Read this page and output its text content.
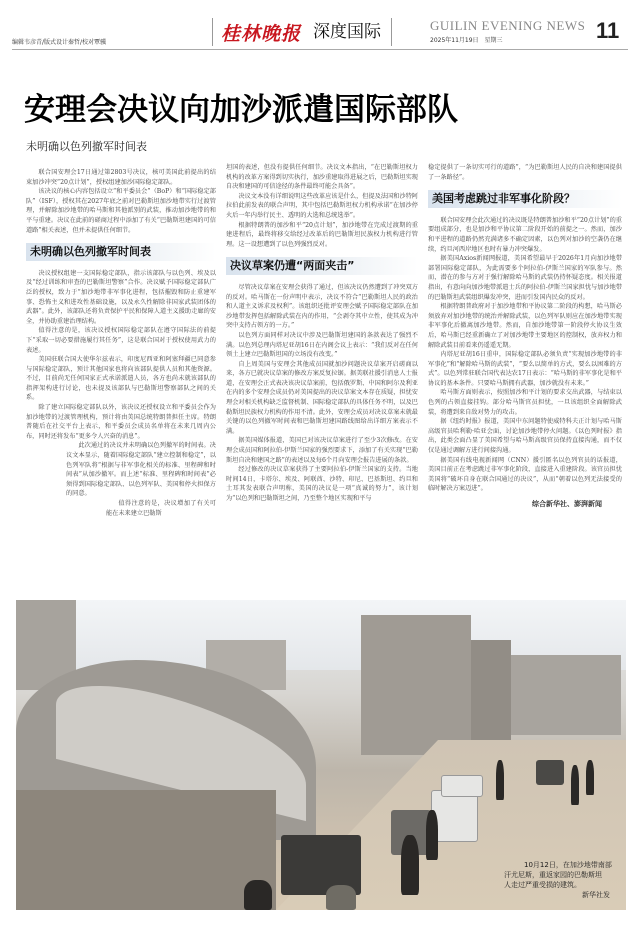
编辑韦彦青/版式设计秦哲/校对覃骥	桂林晚报 深度国际	GUILIN EVENING NEWS
2025年11月19日　星期三	11
安理会决议向加沙派遣国际部队
未明确以色列撤军时间表

联合国安理会17日通过第2803号决议，核可美国此前提出的结束加沙冲突“20点计划”，授权组建加沙国际稳定部队。

该决议的核心内容包括设立“和平委员会”（BoP）和“国际稳定部队”（ISF），授权其在2027年底之前对巴勒斯坦加沙地带实行过渡管理，并解除加沙地带的哈马斯和其他派别的武装，推动加沙地带的和平与重建。决议在此前的磋商过程中添加了有关“巴勒斯坦建国的可信道路”相关表述，但并未提供任何细节。

未明确以色列撤军时间表

决议授权组建一支国际稳定部队，指示该部队与以色列、埃及以及“经过训练和审查的巴勒斯坦警察”合作。决议赋予国际稳定部队广泛的授权，致力于“加沙地带非军事化进程，包括摧毁和防止重建军事、恐怖主义和进攻性基础设施，以及永久性解除非国家武装团体的武器”。此外，该部队还将负责保护平民和保障人道主义援助走廊的安全，并协助重建治理结构。

值得注意的是，该决议授权国际稳定部队在遵守国际法的前提下“采取一切必要措施履行其任务”，这是联合国对于授权使用武力的表述。

美国驻联合国大使华尔兹表示，印度尼西亚和阿塞拜疆已同意参与国际稳定部队，预计其他国家也将向该部队提供人员和其他资源。不过，目前尚无任何国家正式承诺派遣人员，各方也尚未就该部队的指挥架构进行讨论，也未提及该部队与巴勒斯坦警察部队之间的关系。

除了建立国际稳定部队以外，该决议还授权设立和平委员会作为加沙地带的过渡管理机构，预计将由美国总统特朗普担任主席。特朗普随后在社交平台上表示，和平委员会成员名单将在未来几周内公布，同时还将发布“更多令人兴奋的消息”。

此次通过的决议并未明确以色列撤军的时间表。决议文本显示，随着国际稳定部队“建立控制和稳定”，以色列军队将“根据与非军事化相关的标准、里程碑和时间表”从加沙撤军。而上述“标准、里程碑和时间表”必须得到国际稳定部队、以色列军队、美国和停火担保方的同意。

值得注意的是，决议增加了有关可能在未来建立巴勒斯

坦国的表述，但没有提供任何细节。决议文本指出，“在巴勒斯坦权力机构的改革方案得到切实执行，加沙重建取得进展之后，巴勒斯坦实现自决和建国的可信途径的条件最终可能会具备”。

决议文本没有详细说明这些改革应该是什么，但提及法国和沙特阿拉伯此前发表的联合声明，其中包括巴勒斯坦权力机构承诺“在加沙停火后一年内举行民主、透明的大选和总统选举”。

根据特朗普的加沙和平“20点计划”，加沙地带在完成过渡期的重建进程后，最终将移交给经过改革后的巴勒斯坦民族权力机构进行管理。这一设想遭到了以色列强烈反对。

决议草案仍遭“两面夹击”

尽管决议草案在安理会获得了通过，但该决议仍然遭到了冲突双方的反对。哈马斯在一份声明中表示，决议不符合“巴勒斯坦人民的政治和人道主义诉求及权利”。该组织还批评安理会赋予国际稳定部队在加沙地带发挥包括解除武装在内的作用，“会剥夺其中立性，使其成为冲突中支持占领方的一方。”

以色列方面同样对决议中涉及巴勒斯坦建国的条款表达了强烈不满。以色列总理内塔尼亚胡16日在内阁会议上表示：“我们反对在任何领土上建立巴勒斯坦国的立场没有改变。”

自上周美国与安理会其他成员国就加沙问题决议草案开启磋商以来，各方已就决议草案的修改方案反复拉锯。据美联社援引消息人士报道，在安理会正式表决该决议草案前，包括俄罗斯、中国和阿尔及利亚在内的多个安理会成员仍对美国提出的决议草案文本存在质疑，担忧安理会对相关机构缺乏监督机制、国际稳定部队的具体任务不明，以及巴勒斯坦民族权力机构的作用不清。此外，安理会成员对决议草案未就最关键的以色列撤军时间表和巴勒斯坦建国路线图给出详细方案表示不满。

据美国媒体报道，美国已对该决议草案进行了至少3次修改。在安理会成员国和阿拉伯-伊斯兰国家的强烈要求下，添加了有关实现“巴勒斯坦自决和建国之路”的表述以及每6个月向安理会报告进展的条款。

经过修改的决议草案获得了主要阿拉伯-伊斯兰国家的支持。当地时间14日，卡塔尔、埃及、阿联酋、沙特、印尼、巴基斯坦、约旦和土耳其发表联合声明称，美国的决议是一项“真诚的努力”，该计划为“以色列和巴勒斯坦之间，乃至整个地区实现和平与

稳定提供了一条切实可行的道路”，“为巴勒斯坦人民的自决和建国提供了一条路径”。

美国考虑跳过非军事化阶段？

联合国安理会此次通过的决议既是特朗普加沙和平“20点计划”的重要组成部分，也是加沙和平协议第二阶段开始的前提之一。然而，加沙和平进程的道路仍然充满诸多不确定因素，以色列对加沙的空袭仍在继续，约旦河西岸地区也时有暴力冲突爆发。

据美国Axios新闻网报道，美国希望最早于2026年1月向加沙地带部署国际稳定部队，为此需要多个阿拉伯-伊斯兰国家的军队参与。然而，潜在的参与方对于强行解除哈马斯的武装仍持怀疑态度。相关报道指出，有意向向加沙地带派遣士兵的阿拉伯-伊斯兰国家担忧与加沙地带的巴勒斯坦武装组织爆发冲突，进而引发国内民众的反对。

根据特朗普政府对于加沙地带和平协议第二阶段的构想，哈马斯必须放弃对加沙地带的统治并解除武装，以色列军队则应在加沙地带实现非军事化后撤离加沙地带。然而，自加沙地带第一阶段停火协议生效后，哈马斯已经重新确立了对加沙地带主要地区的控制权，放弃权力和解除武装目前看来仍遥遥无期。

内塔尼亚胡16日重申，国际稳定部队必须负责“实现加沙地带的非军事化”和“解除哈马斯的武装”，“要么以简单的方式，要么以困难的方式”。以色列常驻联合国代表达农17日表示：“哈马斯的非军事化是和平协议的基本条件。只要哈马斯拥有武器，加沙就没有未来。”

哈马斯方面则表示，按照加沙和平计划的要求交出武器，与结束以色列的占领直接挂钩。部分哈马斯官员担忧，一旦该组织全面解除武装，将遭到来自敌对势力的攻击。

据《纽约时报》报道，美国中东问题特使威特科夫正计划与哈马斯高级官员哈利勒·哈亚会面，讨论加沙地带停火问题。《以色列时报》指出，此类会面凸显了美国希望与哈马斯高级官员保持直接沟通，而不仅仅是通过调解方进行间接沟通。

据美国有线电视新闻网（CNN）援引匿名以色列官员的话报道，美国目前正在考虑跳过非军事化阶段，直接进入重建阶段。该官员担忧美国将“破坏自身在联合国通过的决议”，从而“朝着以色列无法接受的临时解决方案迈进”。

综合新华社、澎湃新闻
10月12日，在加沙地带南部
汗尤尼斯，重返家园的巴勒斯坦
人走过严重受损的建筑。
新华社发
